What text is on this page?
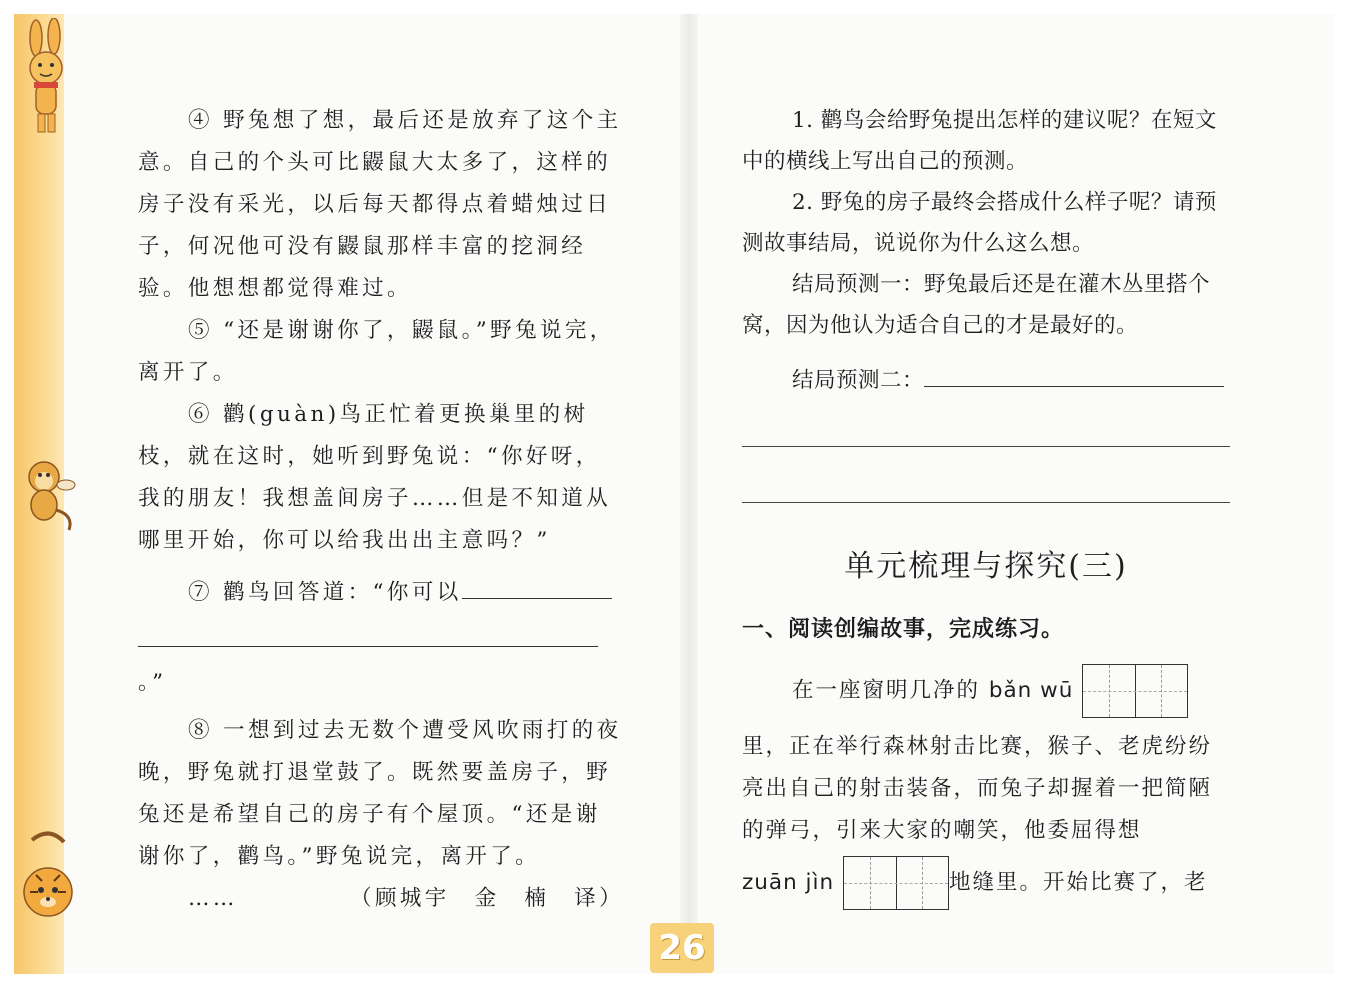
④ 野兔想了想，最后还是放弃了这个主意。自己的个头可比鼹鼠大太多了，这样的房子没有采光，以后每天都得点着蜡烛过日子，何况他可没有鼹鼠那样丰富的挖洞经验。他想想都觉得难过。

⑤ “还是谢谢你了，鼹鼠。”野兔说完，离开了。

⑥ 鹳(guàn)鸟正忙着更换巢里的树枝，就在这时，她听到野兔说：“你好呀，我的朋友！我想盖间房子……但是不知道从哪里开始，你可以给我出出主意吗？”

⑦ 鹳鸟回答道：“你可以

。”

⑧ 一想到过去无数个遭受风吹雨打的夜晚，野兔就打退堂鼓了。既然要盖房子，野兔还是希望自己的房子有个屋顶。“还是谢谢你了，鹳鸟。”野兔说完，离开了。

……	（顾城宇　金　楠　译）

26

1. 鹳鸟会给野兔提出怎样的建议呢？在短文中的横线上写出自己的预测。

2. 野兔的房子最终会搭成什么样子呢？请预测故事结局，说说你为什么这么想。

结局预测一：野兔最后还是在灌木丛里搭个窝，因为他认为适合自己的才是最好的。

结局预测二：

单元梳理与探究(三)

一、阅读创编故事，完成练习。

在一座窗明几净的 bǎn wū

里，正在举行森林射击比赛，猴子、老虎纷纷亮出自己的射击装备，而兔子却握着一把简陋的弹弓，引来大家的嘲笑，他委屈得想

zuān jìn	地缝里。开始比赛了，老
